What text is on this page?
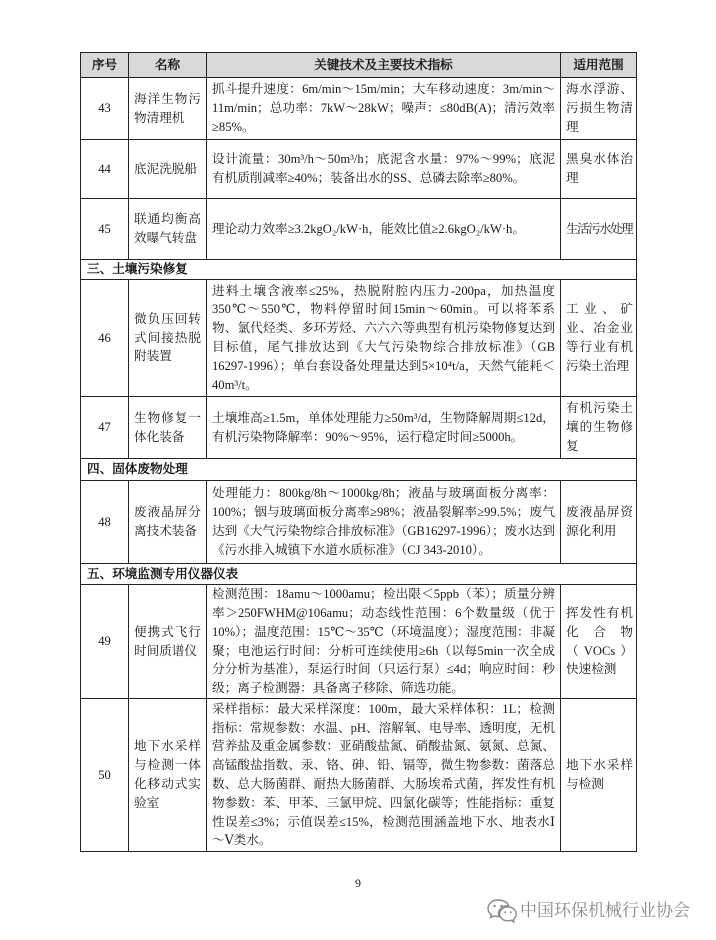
序号	名称	关键技术及主要技术指标	适用范围
43	海洋生物污物清理机	抓斗提升速度：6m/min～15m/min；大车移动速度：3m/min～11m/min；总功率：7kW～28kW；噪声：≤80dB(A)；清污效率≥85%。	海水浮游、污损生物清理
44	底泥洗脱船	设计流量：30m³/h～50m³/h；底泥含水量：97%～99%；底泥有机质削减率≥40%；装备出水的SS、总磷去除率≥80%。	黑臭水体治理
45	联通均衡高效曝气转盘	理论动力效率≥3.2kgO₂/kW·h，能效比值≥2.6kgO₂/kW·h。	生活污水处理
三、土壤污染修复			
46	微负压回转式间接热脱附装置	进料土壤含液率≤25%，热脱附腔内压力-200pa，加热温度350℃～550℃，物料停留时间15min～60min。可以将苯系物、氯代烃类、多环芳烃、六六六等典型有机污染物修复达到目标值，尾气排放达到《大气污染物综合排放标准》（GB 16297-1996）；单台套设备处理量达到5×10⁴t/a，天然气能耗＜40m³/t。	工业、矿业、冶金业等行业有机污染土治理
47	生物修复一体化装备	土壤堆高≥1.5m，单体处理能力≥50m³/d，生物降解周期≤12d，有机污染物降解率：90%～95%，运行稳定时间≥5000h。	有机污染土壤的生物修复
四、固体废物处理			
48	废液晶屏分离技术装备	处理能力：800kg/8h～1000kg/8h；液晶与玻璃面板分离率：100%；铟与玻璃面板分离率≥98%；液晶裂解率≥99.5%；废气达到《大气污染物综合排放标准》（GB16297-1996）；废水达到《污水排入城镇下水道水质标准》（CJ 343-2010）。	废液晶屏资源化利用
五、环境监测专用仪器仪表			
49	便携式飞行时间质谱仪	检测范围：18amu～1000amu；检出限＜5ppb（苯）；质量分辨率＞250FWHM@106amu；动态线性范围：6个数量级（优于10%）；温度范围：15℃～35℃（环境温度）；湿度范围：非凝聚；电池运行时间：分析可连续使用≥6h（以每5min一次全成分分析为基准），泵运行时间（只运行泵）≤4d；响应时间：秒级；离子检测器：具备离子移除、筛选功能。	挥发性有机化合物（VOCs）快速检测
50	地下水采样与检测一体化移动式实验室	采样指标：最大采样深度：100m，最大采样体积：1L；检测指标：常规参数：水温、pH、溶解氧、电导率、透明度，无机营养盐及重金属参数：亚硝酸盐氮、硝酸盐氮、氨氮、总氮、高锰酸盐指数、汞、铬、砷、铅、镉等，微生物参数：菌落总数、总大肠菌群、耐热大肠菌群、大肠埃希式菌，挥发性有机物参数：苯、甲苯、三氯甲烷、四氯化碳等；性能指标：重复性误差≤3%；示值误差≤15%，检测范围涵盖地下水、地表水Ⅰ～Ⅴ类水。	地下水采样与检测
9
中国环保机械行业协会
